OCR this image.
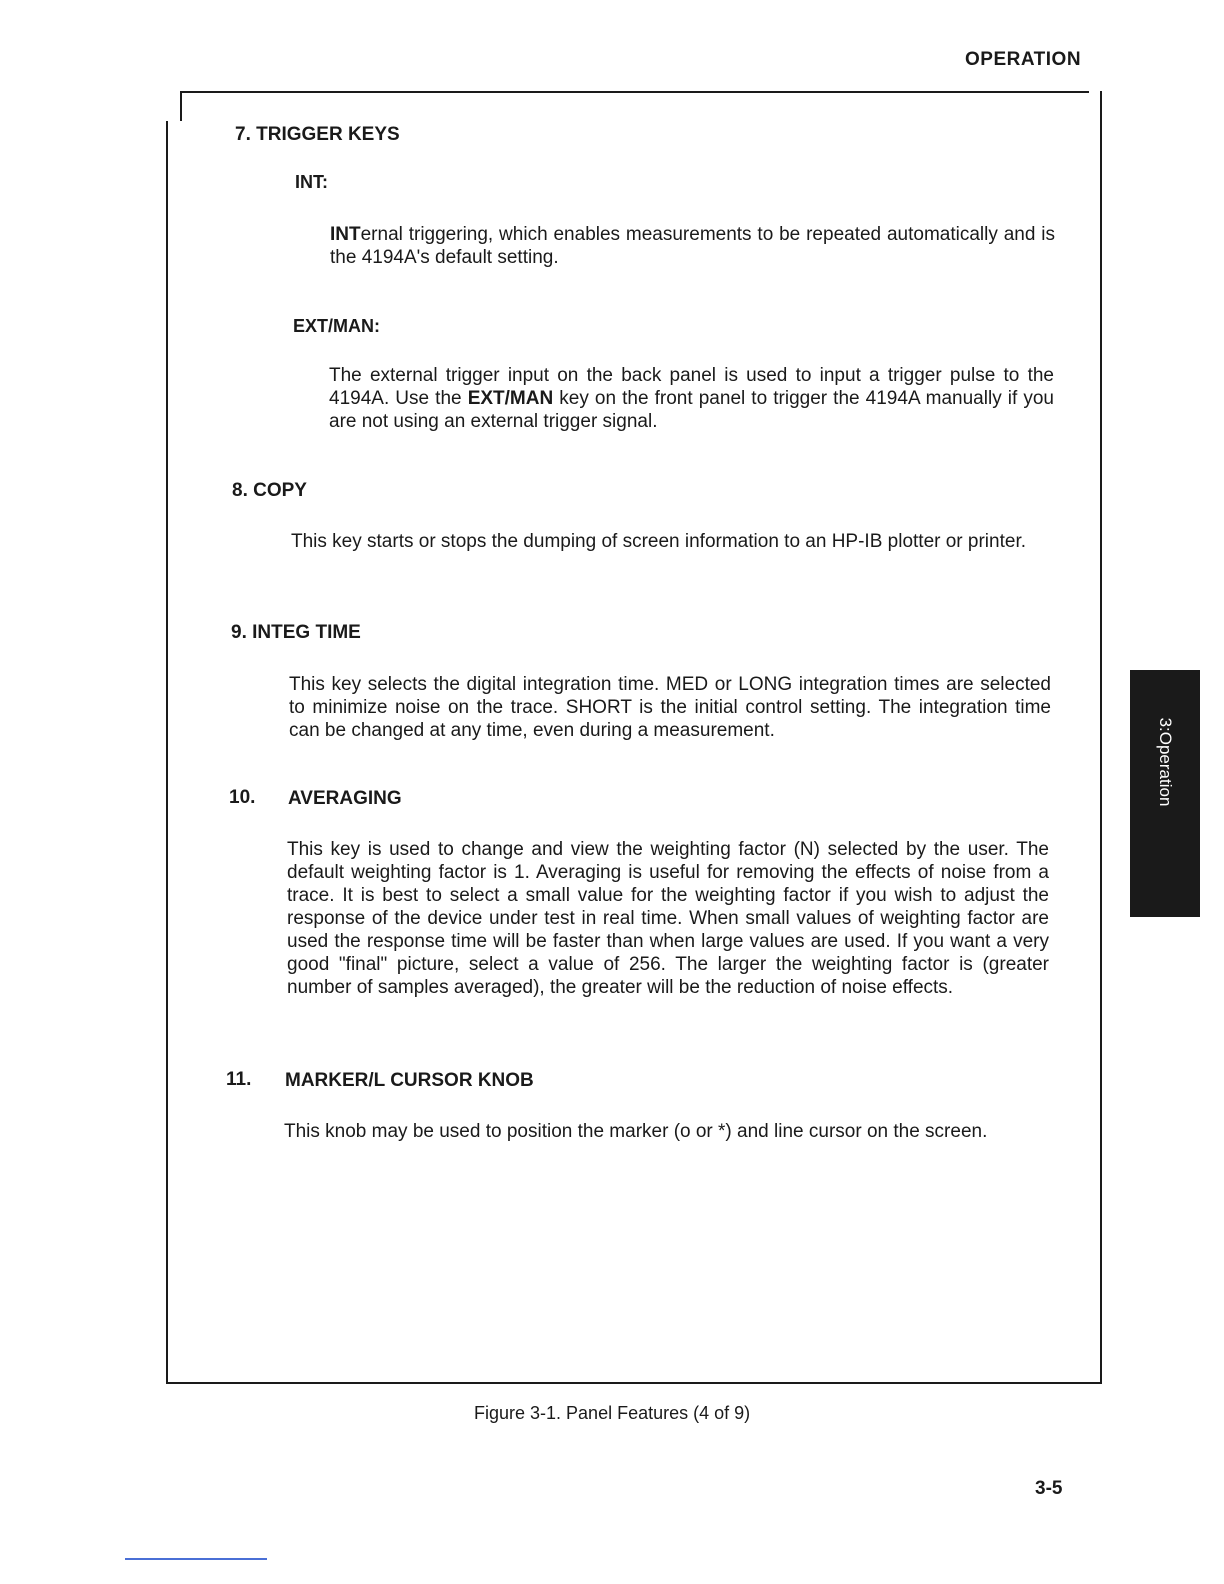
OPERATION
7. TRIGGER KEYS
INT:
INTernal triggering, which enables measurements to be repeated automatically and is the 4194A's default setting.
EXT/MAN:
The external trigger input on the back panel is used to input a trigger pulse to the 4194A. Use the EXT/MAN key on the front panel to trigger the 4194A manually if you are not using an external trigger signal.
8. COPY
This key starts or stops the dumping of screen information to an HP-IB plotter or printer.
9. INTEG TIME
This key selects the digital integration time. MED or LONG integration times are selected to minimize noise on the trace. SHORT is the initial control setting. The integration time can be changed at any time, even during a measurement.
10. AVERAGING
This key is used to change and view the weighting factor (N) selected by the user. The default weighting factor is 1. Averaging is useful for removing the effects of noise from a trace. It is best to select a small value for the weighting factor if you wish to adjust the response of the device under test in real time. When small values of weighting factor are used the response time will be faster than when large values are used. If you want a very good "final" picture, select a value of 256. The larger the weighting factor is (greater number of samples averaged), the greater will be the reduction of noise effects.
11. MARKER/L CURSOR KNOB
This knob may be used to position the marker (o or *) and line cursor on the screen.
3:Operation
Figure 3-1. Panel Features (4 of 9)
3-5
